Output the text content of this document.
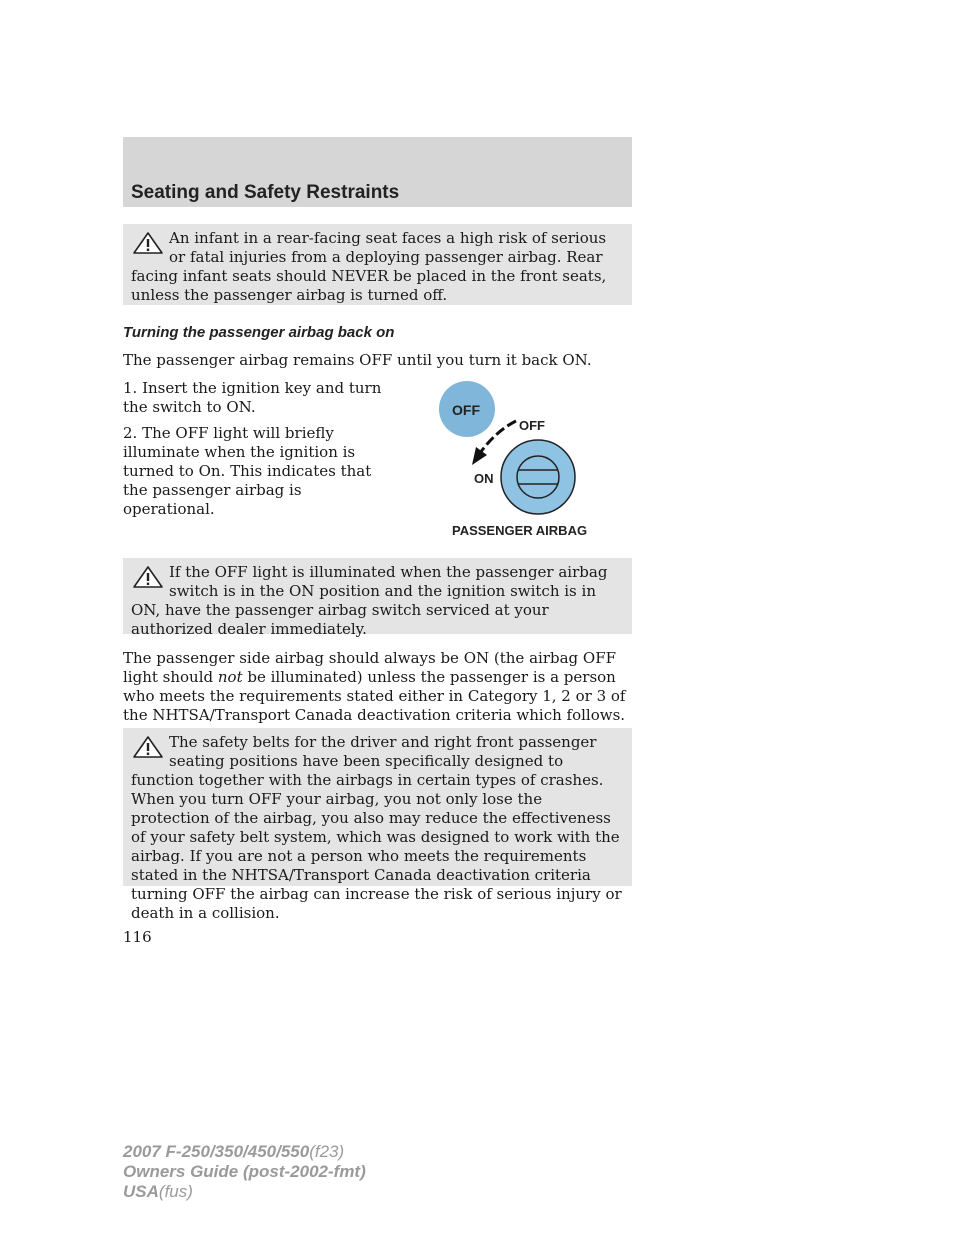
Seating and Safety Restraints

An infant in a rear-facing seat faces a high risk of serious or fatal injuries from a deploying passenger airbag. Rear facing infant seats should NEVER be placed in the front seats, unless the passenger airbag is turned off.

Turning the passenger airbag back on

The passenger airbag remains OFF until you turn it back ON.

1. Insert the ignition key and turn the switch to ON.

2. The OFF light will briefly illuminate when the ignition is turned to On. This indicates that the passenger airbag is operational.

OFF

OFF

ON

PASSENGER AIRBAG

If the OFF light is illuminated when the passenger airbag switch is in the ON position and the ignition switch is in ON, have the passenger airbag switch serviced at your authorized dealer immediately.

The passenger side airbag should always be ON (the airbag OFF light should not be illuminated) unless the passenger is a person who meets the requirements stated either in Category 1, 2 or 3 of the NHTSA/Transport Canada deactivation criteria which follows.

The safety belts for the driver and right front passenger seating positions have been specifically designed to function together with the airbags in certain types of crashes. When you turn OFF your airbag, you not only lose the protection of the airbag, you also may reduce the effectiveness of your safety belt system, which was designed to work with the airbag. If you are not a person who meets the requirements stated in the NHTSA/Transport Canada deactivation criteria turning OFF the airbag can increase the risk of serious injury or death in a collision.

116

2007 F-250/350/450/550(f23)
Owners Guide (post-2002-fmt)
USA(fus)
